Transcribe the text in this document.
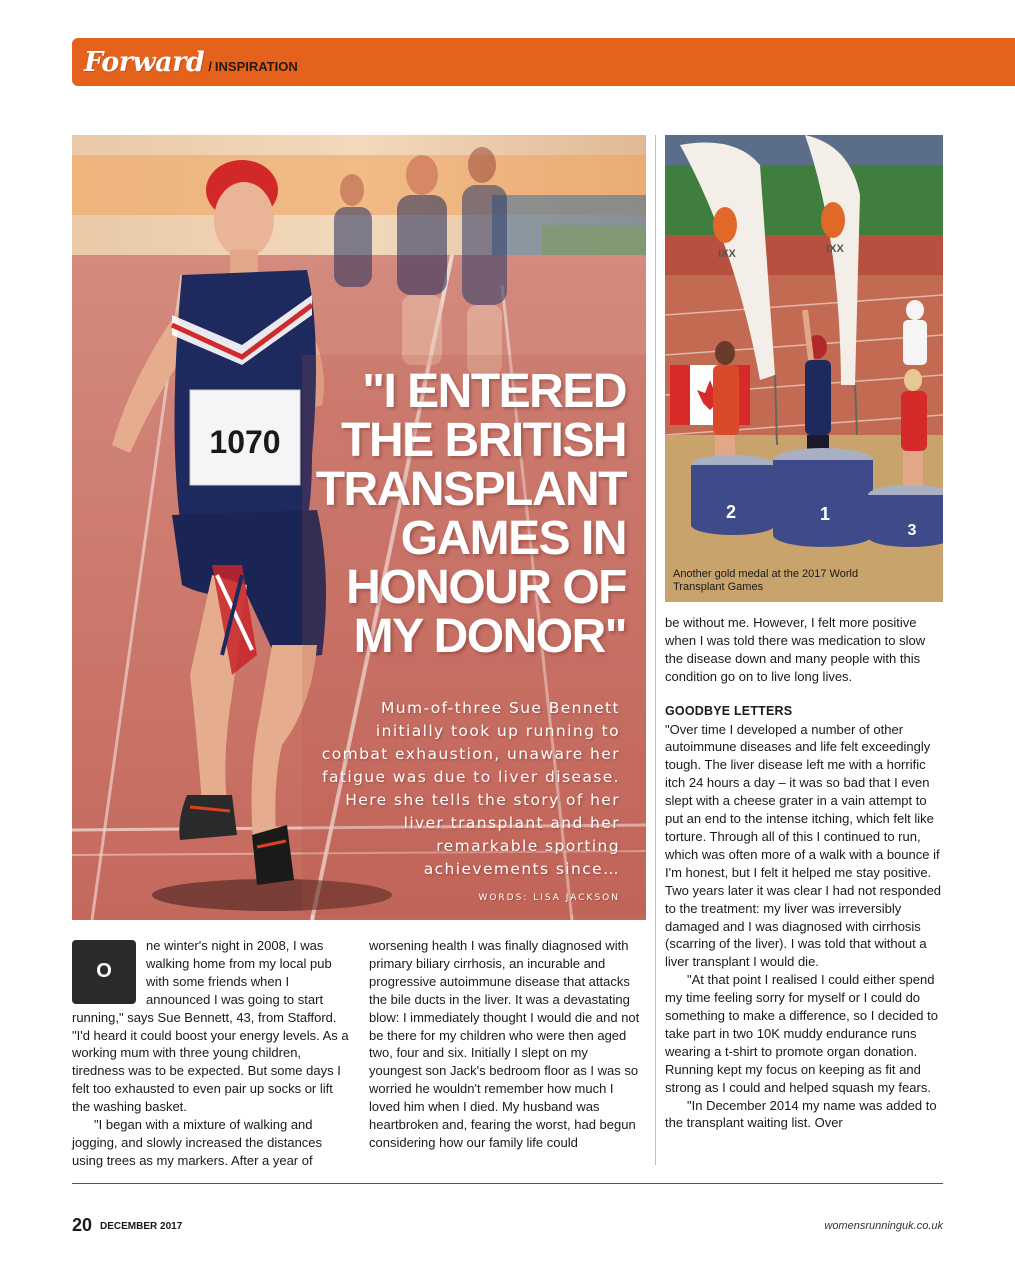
Forward / INSPIRATION
1070
"I ENTERED THE BRITISH TRANSPLANT GAMES IN HONOUR OF MY DONOR"
Mum-of-three Sue Bennett initially took up running to combat exhaustion, unaware her fatigue was due to liver disease. Here she tells the story of her liver transplant and her remarkable sporting achievements since…
WORDS: LISA JACKSON
IXX	IXX
2	1
3
Another gold medal at the 2017 World Transplant Games
O

ne winter's night in 2008, I was walking home from my local pub with some friends when I announced I was going to start running," says Sue Bennett, 43, from Stafford. "I'd heard it could boost your energy levels. As a working mum with three young children, tiredness was to be expected. But some days I felt too exhausted to even pair up socks or lift the washing basket.

"I began with a mixture of walking and jogging, and slowly increased the distances using trees as my markers. After a year of

worsening health I was finally diagnosed with primary biliary cirrhosis, an incurable and progressive autoimmune disease that attacks the bile ducts in the liver. It was a devastating blow: I immediately thought I would die and not be there for my children who were then aged two, four and six. Initially I slept on my youngest son Jack's bedroom floor as I was so worried he wouldn't remember how much I loved him when I died. My husband was heartbroken and, fearing the worst, had begun considering how our family life could

be without me. However, I felt more positive when I was told there was medication to slow the disease down and many people with this condition go on to live long lives.

GOODBYE LETTERS

"Over time I developed a number of other autoimmune diseases and life felt exceedingly tough. The liver disease left me with a horrific itch 24 hours a day – it was so bad that I even slept with a cheese grater in a vain attempt to put an end to the intense itching, which felt like torture. Through all of this I continued to run, which was often more of a walk with a bounce if I'm honest, but I felt it helped me stay positive. Two years later it was clear I had not responded to the treatment: my liver was irreversibly damaged and I was diagnosed with cirrhosis (scarring of the liver). I was told that without a liver transplant I would die.

"At that point I realised I could either spend my time feeling sorry for myself or I could do something to make a difference, so I decided to take part in two 10K muddy endurance runs wearing a t-shirt to promote organ donation. Running kept my focus on keeping as fit and strong as I could and helped squash my fears.

"In December 2014 my name was added to the transplant waiting list. Over

20 DECEMBER 2017	womensrunninguk.co.uk
